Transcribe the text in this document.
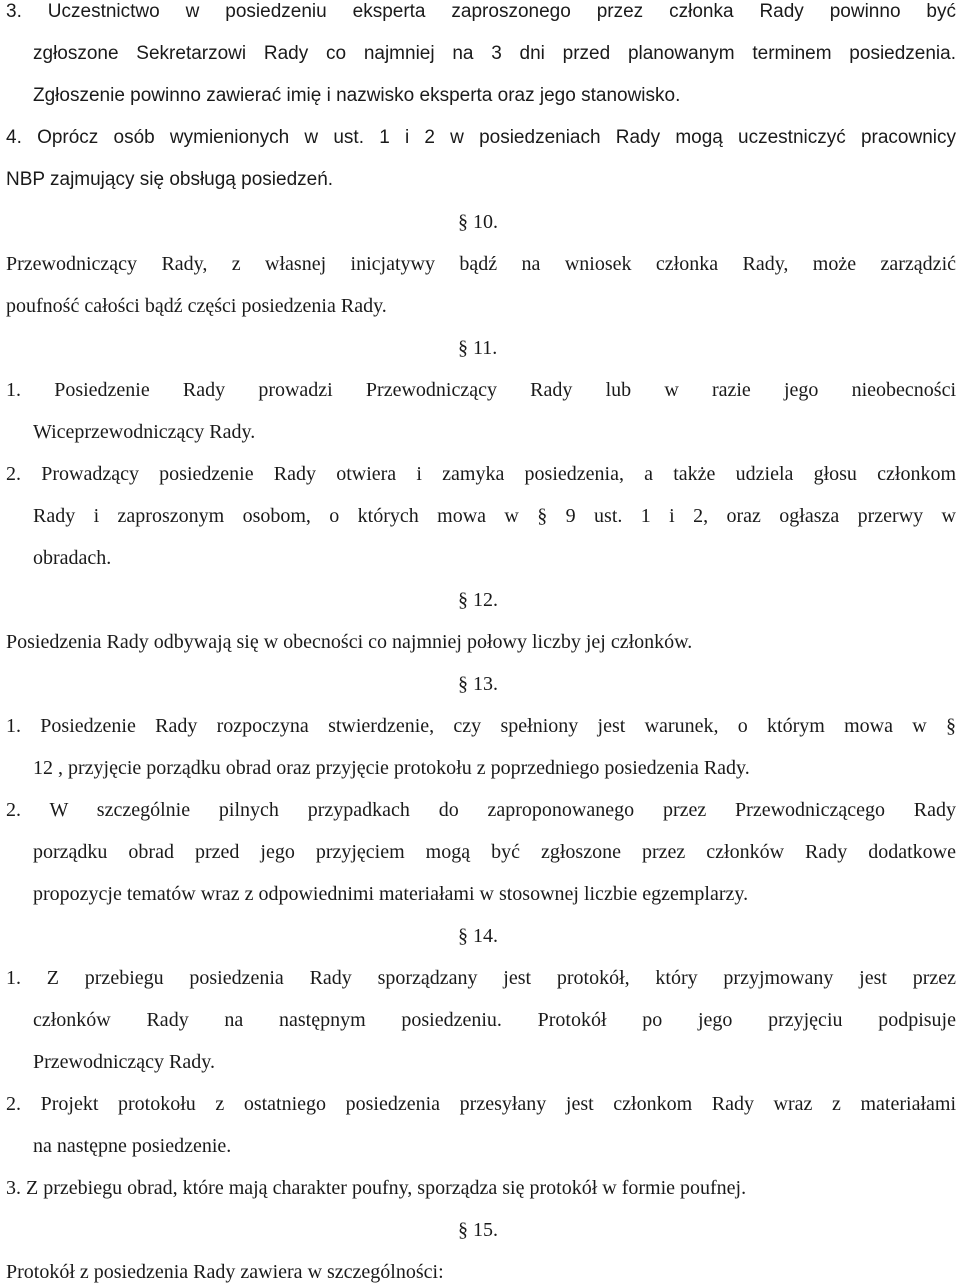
3. Uczestnictwo w posiedzeniu eksperta zaproszonego przez członka Rady powinno być
zgłoszone Sekretarzowi Rady co najmniej na 3 dni przed planowanym terminem posiedzenia.
Zgłoszenie powinno zawierać imię i nazwisko eksperta oraz jego stanowisko.
4. Oprócz osób wymienionych w ust. 1 i 2 w posiedzeniach Rady mogą uczestniczyć pracownicy
NBP zajmujący się obsługą posiedzeń.
§ 10.
Przewodniczący Rady, z własnej inicjatywy bądź na wniosek członka Rady, może zarządzić
poufność całości bądź części posiedzenia Rady.
§ 11.
1. Posiedzenie Rady prowadzi Przewodniczący Rady lub w razie jego nieobecności
Wiceprzewodniczący Rady.
2. Prowadzący posiedzenie Rady otwiera i zamyka posiedzenia, a także udziela głosu członkom
Rady i zaproszonym osobom, o których mowa w § 9 ust. 1 i 2, oraz ogłasza przerwy w
obradach.
§ 12.
Posiedzenia Rady odbywają się w obecności co najmniej połowy liczby jej członków.
§ 13.
1. Posiedzenie Rady rozpoczyna stwierdzenie, czy spełniony jest warunek, o którym mowa w §
12 , przyjęcie porządku obrad oraz przyjęcie protokołu z poprzedniego posiedzenia Rady.
2. W szczególnie pilnych przypadkach do zaproponowanego przez Przewodniczącego Rady
porządku obrad przed jego przyjęciem mogą być zgłoszone przez członków Rady dodatkowe
propozycje tematów wraz z odpowiednimi materiałami w stosownej liczbie egzemplarzy.
§ 14.
1. Z przebiegu posiedzenia Rady sporządzany jest protokół, który przyjmowany jest przez
członków Rady na następnym posiedzeniu. Protokół po jego przyjęciu podpisuje
Przewodniczący Rady.
2. Projekt protokołu z ostatniego posiedzenia przesyłany jest członkom Rady wraz z materiałami
na następne posiedzenie.
3. Z przebiegu obrad, które mają charakter poufny, sporządza się protokół w formie poufnej.
§ 15.
Protokół z posiedzenia Rady zawiera w szczególności:
